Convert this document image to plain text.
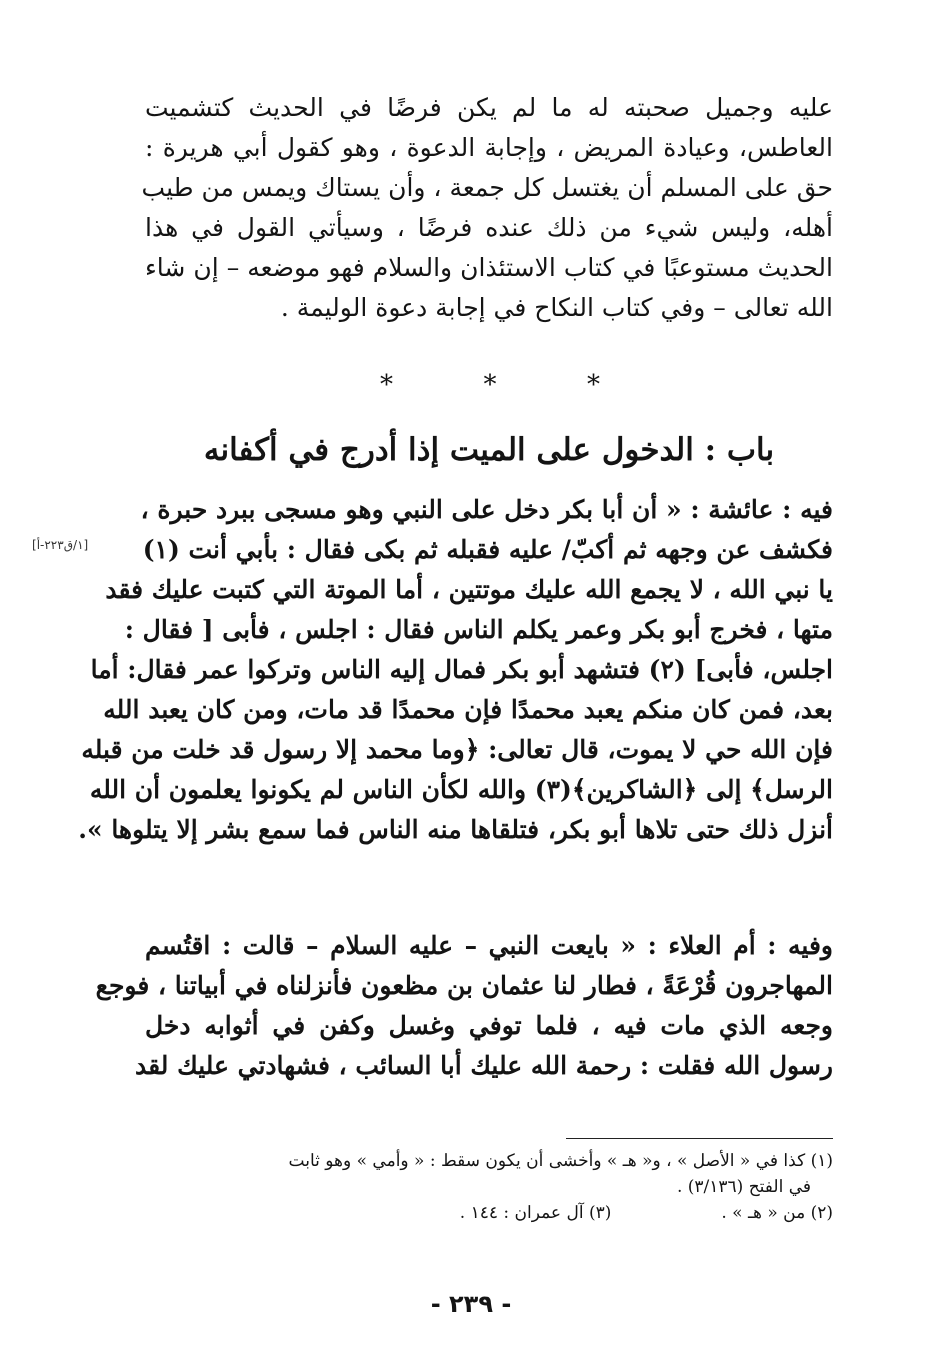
عليه وجميل صحبته له ما لم يكن فرضًا في الحديث كتشميت
العاطس، وعيادة المريض ، وإجابة الدعوة ، وهو كقول أبي هريرة :
حق على المسلم أن يغتسل كل جمعة ، وأن يستاك ويمس من طيب
أهله، وليس شيء من ذلك عنده فرضًا ، وسيأتي القول في هذا
الحديث مستوعبًا في كتاب الاستئذان والسلام فهو موضعه – إن شاء
الله تعالى – وفي كتاب النكاح في إجابة دعوة الوليمة .

*	*	*
باب : الدخول على الميت إذا أدرج في أكفانه
[١/ق٢٢٣-أ]

فيه : عائشة : « أن أبا بكر دخل على النبي وهو مسجى ببرد حبرة ،
فكشف عن وجهه ثم أكبّ/ عليه فقبله ثم بكى فقال : بأبي أنت (١)
يا نبي الله ، لا يجمع الله عليك موتتين ، أما الموتة التي كتبت عليك فقد
متها ، فخرج أبو بكر وعمر يكلم الناس فقال : اجلس ، فأبى [ فقال :
اجلس، فأبى] (٢) فتشهد أبو بكر فمال إليه الناس وتركوا عمر فقال: أما
بعد، فمن كان منكم يعبد محمدًا فإن محمدًا قد مات، ومن كان يعبد الله
فإن الله حي لا يموت، قال تعالى: ﴿وما محمد إلا رسول قد خلت من قبله
الرسل﴾ إلى ﴿الشاكرين﴾(٣) والله لكأن الناس لم يكونوا يعلمون أن الله
أنزل ذلك حتى تلاها أبو بكر، فتلقاها منه الناس فما سمع بشر إلا يتلوها ».

وفيه : أم العلاء : « بايعت النبي – عليه السلام – قالت : اقتُسم
المهاجرون قُرْعَةً ، فطار لنا عثمان بن مظعون فأنزلناه في أبياتنا ، فوجع
وجعه الذي مات فيه ، فلما توفي وغسل وكفن في أثوابه دخل
رسول الله فقلت : رحمة الله عليك أبا السائب ، فشهادتي عليك لقد

(١) كذا في « الأصل » ، و« هـ » وأخشى أن يكون سقط : « وأمي » وهو ثابت
في الفتح (٣/١٣٦) .
(٢) من « هـ » .
(٣) آل عمران : ١٤٤ .
- ٢٣٩ -
